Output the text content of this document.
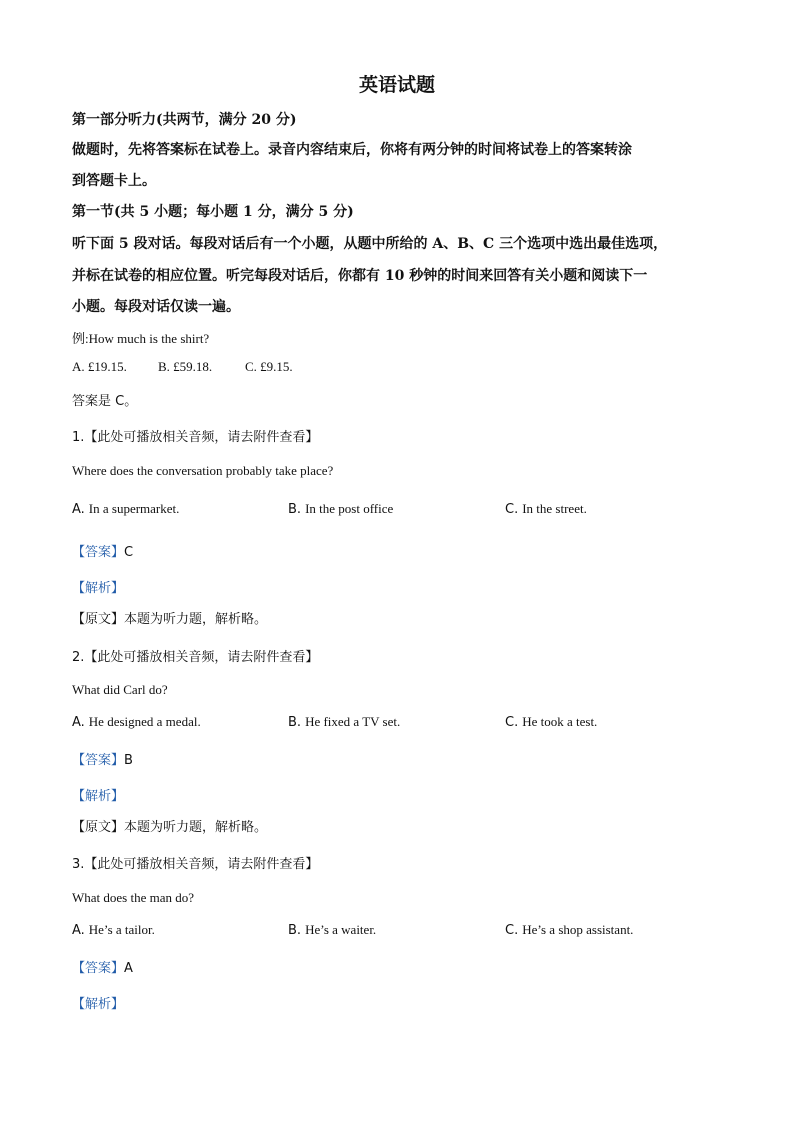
英语试题
第一部分听力(共两节，满分 20 分)
做题时，先将答案标在试卷上。录音内容结束后，你将有两分钟的时间将试卷上的答案转涂
到答题卡上。
第一节(共 5 小题；每小题 1 分，满分 5 分)
听下面 5 段对话。每段对话后有一个小题，从题中所给的 A、B、C 三个选项中选出最佳选项，
并标在试卷的相应位置。听完每段对话后，你都有 10 秒钟的时间来回答有关小题和阅读下一
小题。每段对话仅读一遍。
例:How much is the shirt?
A. £19.15. B. £59.18.	C. £9.15.
答案是 C。
1.【此处可播放相关音频，请去附件查看】
Where does the conversation probably take place?
A. In a supermarket.	B. In the post office	C. In the street.
【答案】C
【解析】
【原文】本题为听力题，解析略。
2.【此处可播放相关音频，请去附件查看】
What did Carl do?
A. He designed a medal.	B. He fixed a TV set.	C. He took a test.
【答案】B
【解析】
【原文】本题为听力题，解析略。
3.【此处可播放相关音频，请去附件查看】
What does the man do?
A. He’s a tailor.	B. He’s a waiter.	C. He’s a shop assistant.
【答案】A
【解析】
